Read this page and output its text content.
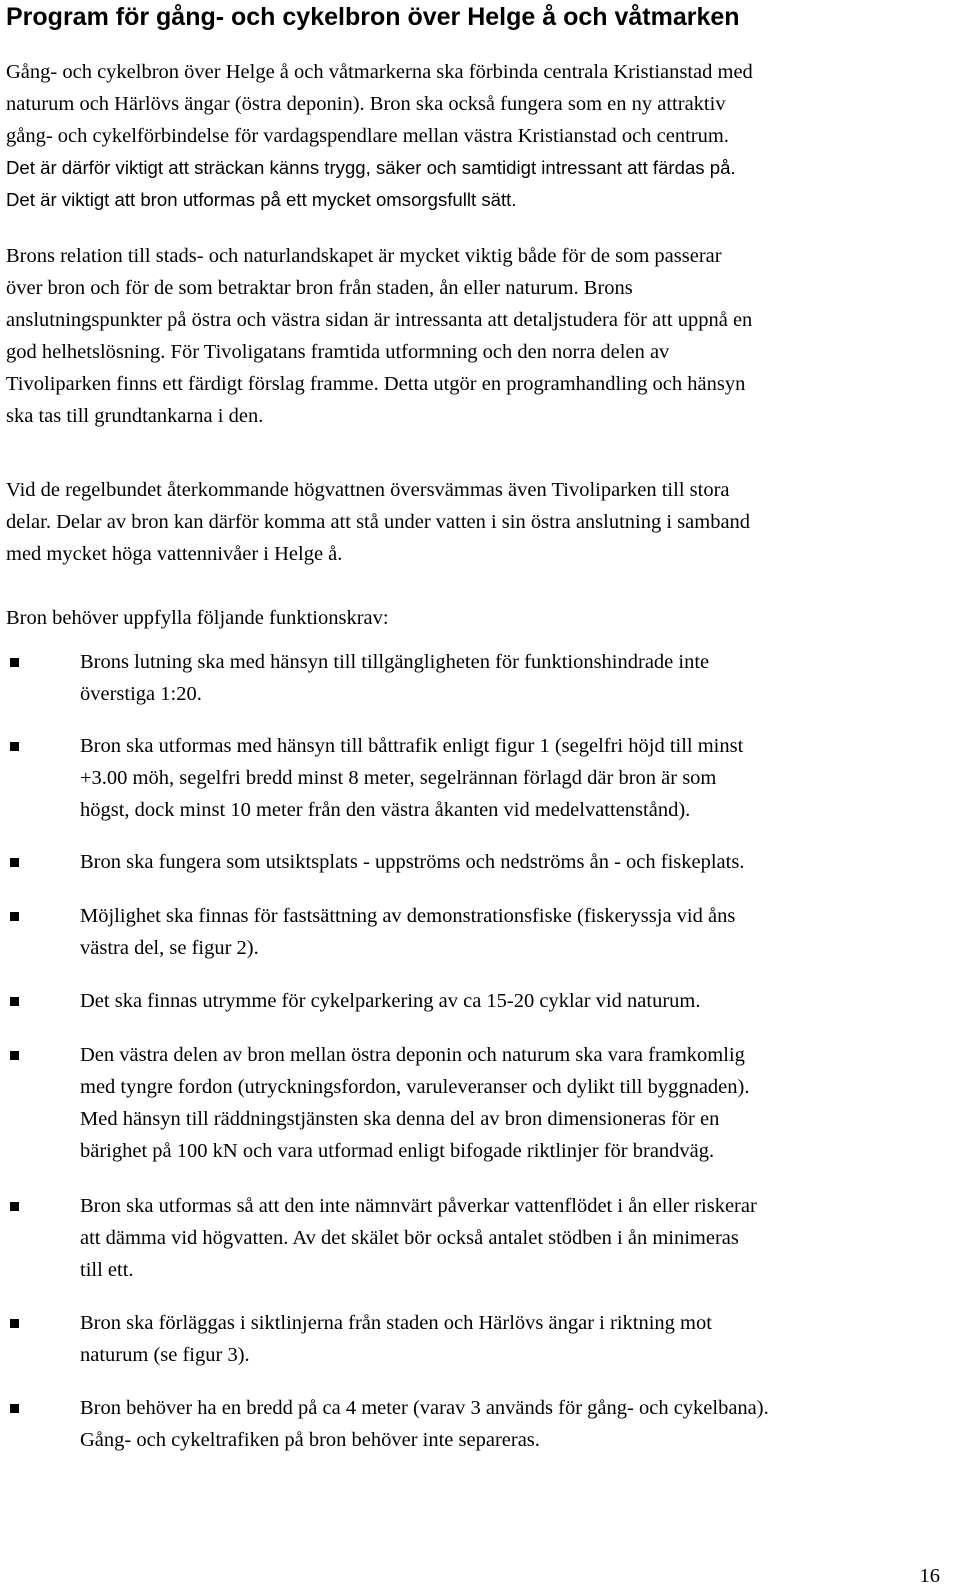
Program för gång- och cykelbron över Helge å och våtmarken

Gång- och cykelbron över Helge å och våtmarkerna ska förbinda centrala Kristianstad med
naturum och Härlövs ängar (östra deponin). Bron ska också fungera som en ny attraktiv
gång- och cykelförbindelse för vardagspendlare mellan västra Kristianstad och centrum.
Det är därför viktigt att sträckan känns trygg, säker och samtidigt intressant att färdas på.
Det är viktigt att bron utformas på ett mycket omsorgsfullt sätt.

Brons relation till stads- och naturlandskapet är mycket viktig både för de som passerar
över bron och för de som betraktar bron från staden, ån eller naturum. Brons
anslutningspunkter på östra och västra sidan är intressanta att detaljstudera för att uppnå en
god helhetslösning. För Tivoligatans framtida utformning och den norra delen av
Tivoliparken finns ett färdigt förslag framme. Detta utgör en programhandling och hänsyn
ska tas till grundtankarna i den.

Vid de regelbundet återkommande högvattnen översvämmas även Tivoliparken till stora
delar. Delar av bron kan därför komma att stå under vatten i sin östra anslutning i samband
med mycket höga vattennivåer i Helge å.

Bron behöver uppfylla följande funktionskrav:

Brons lutning ska med hänsyn till tillgängligheten för funktionshindrade inte
överstiga 1:20.

Bron ska utformas med hänsyn till båttrafik enligt figur 1 (segelfri höjd till minst
+3.00 möh, segelfri bredd minst 8 meter, segelrännan förlagd där bron är som
högst, dock minst 10 meter från den västra åkanten vid medelvattenstånd).

Bron ska fungera som utsiktsplats - uppströms och nedströms ån - och fiskeplats.

Möjlighet ska finnas för fastsättning av demonstrationsfiske (fiskeryssja vid åns
västra del, se figur 2).

Det ska finnas utrymme för cykelparkering av ca 15-20 cyklar vid naturum.

Den västra delen av bron mellan östra deponin och naturum ska vara framkomlig
med tyngre fordon (utryckningsfordon, varuleveranser och dylikt till byggnaden).
Med hänsyn till räddningstjänsten ska denna del av bron dimensioneras för en
bärighet på 100 kN och vara utformad enligt bifogade riktlinjer för brandväg.

Bron ska utformas så att den inte nämnvärt påverkar vattenflödet i ån eller riskerar
att dämma vid högvatten. Av det skälet bör också antalet stödben i ån minimeras
till ett.

Bron ska förläggas i siktlinjerna från staden och Härlövs ängar i riktning mot
naturum (se figur 3).

Bron behöver ha en bredd på ca 4 meter (varav 3 används för gång- och cykelbana).
Gång- och cykeltrafiken på bron behöver inte separeras.

16
